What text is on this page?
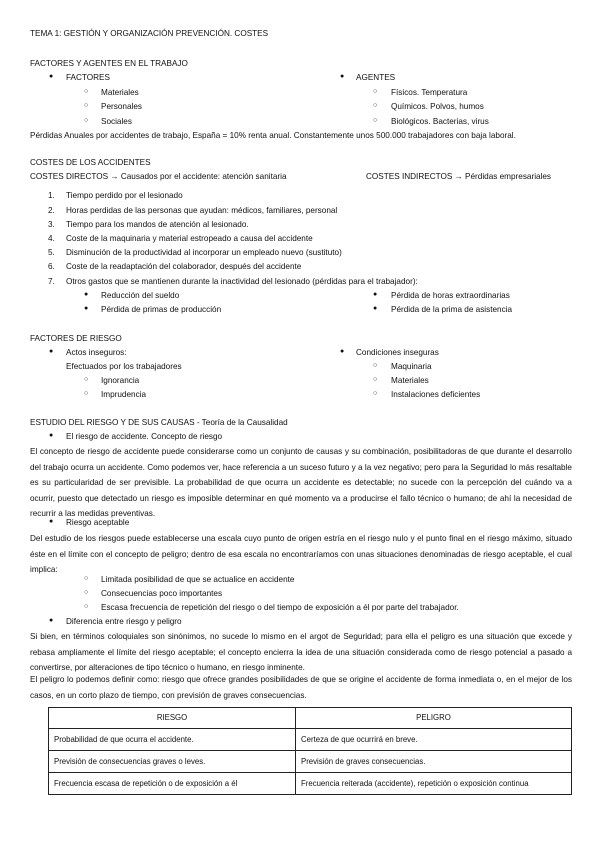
TEMA 1: GESTIÓN Y ORGANIZACIÓN PREVENCIÓN. COSTES
FACTORES Y AGENTES EN EL TRABAJO
● FACTORES
○ Materiales
○ Personales
○ Sociales
● AGENTES
○ Físicos. Temperatura
○ Químicos. Polvos, humos
○ Biológicos. Bacterias, virus
Pérdidas Anuales por accidentes de trabajo, España = 10% renta anual. Constantemente unos 500.000 trabajadores con baja laboral.
COSTES DE LOS ACCIDENTES
COSTES DIRECTOS → Causados por el accidente: atención sanitaria	COSTES INDIRECTOS → Pérdidas empresariales
1. Tiempo perdido por el lesionado
2. Horas perdidas de las personas que ayudan: médicos, familiares, personal
3. Tiempo para los mandos de atención al lesionado.
4. Coste de la maquinaria y material estropeado a causa del accidente
5. Disminución de la productividad al incorporar un empleado nuevo (sustituto)
6. Coste de la readaptación del colaborador, después del accidente
7. Otros gastos que se mantienen durante la inactividad del lesionado (pérdidas para el trabajador):
● Reducción del sueldo
● Pérdida de primas de producción
● Pérdida de horas extraordinarias
● Pérdida de la prima de asistencia
FACTORES DE RIESGO
● Actos inseguros:
Efectuados por los trabajadores
○ Ignorancia
○ Imprudencia
● Condiciones inseguras
○ Maquinaria
○ Materiales
○ Instalaciones deficientes
ESTUDIO DEL RIESGO Y DE SUS CAUSAS - Teoría de la Causalidad
● El riesgo de accidente. Concepto de riesgo

El concepto de riesgo de accidente puede considerarse como un conjunto de causas y su combinación, posibilitadoras de que durante el desarrollo del trabajo ocurra un accidente. Como podemos ver, hace referencia a un suceso futuro y a la vez negativo; pero para la Seguridad lo más resaltable es su particularidad de ser previsible. La probabilidad de que ocurra un accidente es detectable; no sucede con la percepción del cuándo va a ocurrir, puesto que detectado un riesgo es imposible determinar en qué momento va a producirse el fallo técnico o humano; de ahí la necesidad de recurrir a las medidas preventivas.

● Riesgo aceptable

Del estudio de los riesgos puede establecerse una escala cuyo punto de origen estría en el riesgo nulo y el punto final en el riesgo máximo, situado éste en el límite con el concepto de peligro; dentro de esa escala no encontraríamos con unas situaciones denominadas de riesgo aceptable, el cual implica:

○ Limitada posibilidad de que se actualice en accidente
○ Consecuencias poco importantes
○ Escasa frecuencia de repetición del riesgo o del tiempo de exposición a él por parte del trabajador.
● Diferencia entre riesgo y peligro

Si bien, en términos coloquiales son sinónimos, no sucede lo mismo en el argot de Seguridad; para ella el peligro es una situación que excede y rebasa ampliamente el límite del riesgo aceptable; el concepto encierra la idea de una situación considerada como de riesgo potencial a pasado a convertirse, por alteraciones de tipo técnico o humano, en riesgo inminente.

El peligro lo podemos definir como: riesgo que ofrece grandes posibilidades de que se origine el accidente de forma inmediata o, en el mejor de los casos, en un corto plazo de tiempo, con previsión de graves consecuencias.

RIESGO	PELIGRO
Probabilidad de que ocurra el accidente.	Certeza de que ocurrirá en breve.
Previsión de consecuencias graves o leves.	Previsión de graves consecuencias.
Frecuencia escasa de repetición o de exposición a él	Frecuencia reiterada (accidente), repetición o exposición continua
